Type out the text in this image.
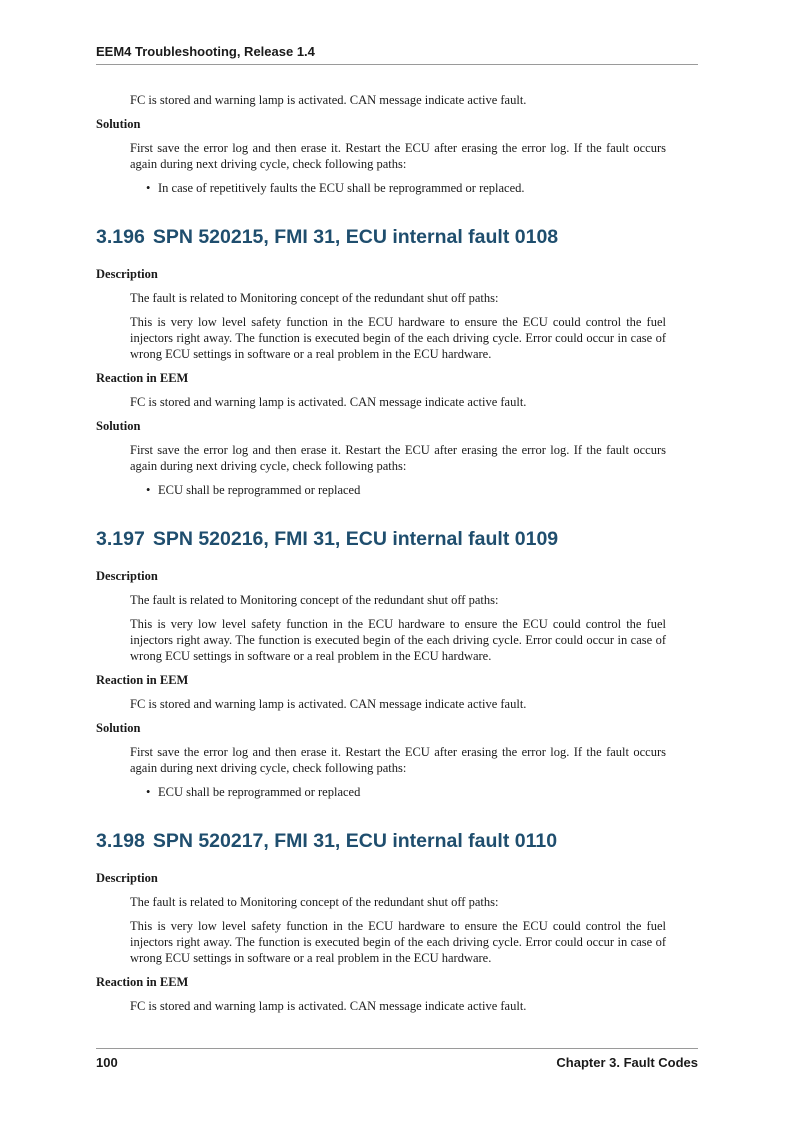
EEM4 Troubleshooting, Release 1.4

FC is stored and warning lamp is activated. CAN message indicate active fault.

Solution

First save the error log and then erase it. Restart the ECU after erasing the error log. If the fault occurs again during next driving cycle, check following paths:

• In case of repetitively faults the ECU shall be reprogrammed or replaced.
3.196 SPN 520215, FMI 31, ECU internal fault 0108

Description

The fault is related to Monitoring concept of the redundant shut off paths:

This is very low level safety function in the ECU hardware to ensure the ECU could control the fuel injectors right away. The function is executed begin of the each driving cycle. Error could occur in case of wrong ECU settings in software or a real problem in the ECU hardware.

Reaction in EEM

FC is stored and warning lamp is activated. CAN message indicate active fault.

Solution

First save the error log and then erase it. Restart the ECU after erasing the error log. If the fault occurs again during next driving cycle, check following paths:

• ECU shall be reprogrammed or replaced
3.197 SPN 520216, FMI 31, ECU internal fault 0109

Description

The fault is related to Monitoring concept of the redundant shut off paths:

This is very low level safety function in the ECU hardware to ensure the ECU could control the fuel injectors right away. The function is executed begin of the each driving cycle. Error could occur in case of wrong ECU settings in software or a real problem in the ECU hardware.

Reaction in EEM

FC is stored and warning lamp is activated. CAN message indicate active fault.

Solution

First save the error log and then erase it. Restart the ECU after erasing the error log. If the fault occurs again during next driving cycle, check following paths:

• ECU shall be reprogrammed or replaced
3.198 SPN 520217, FMI 31, ECU internal fault 0110

Description

The fault is related to Monitoring concept of the redundant shut off paths:

This is very low level safety function in the ECU hardware to ensure the ECU could control the fuel injectors right away. The function is executed begin of the each driving cycle. Error could occur in case of wrong ECU settings in software or a real problem in the ECU hardware.

Reaction in EEM

FC is stored and warning lamp is activated. CAN message indicate active fault.

100	Chapter 3. Fault Codes
